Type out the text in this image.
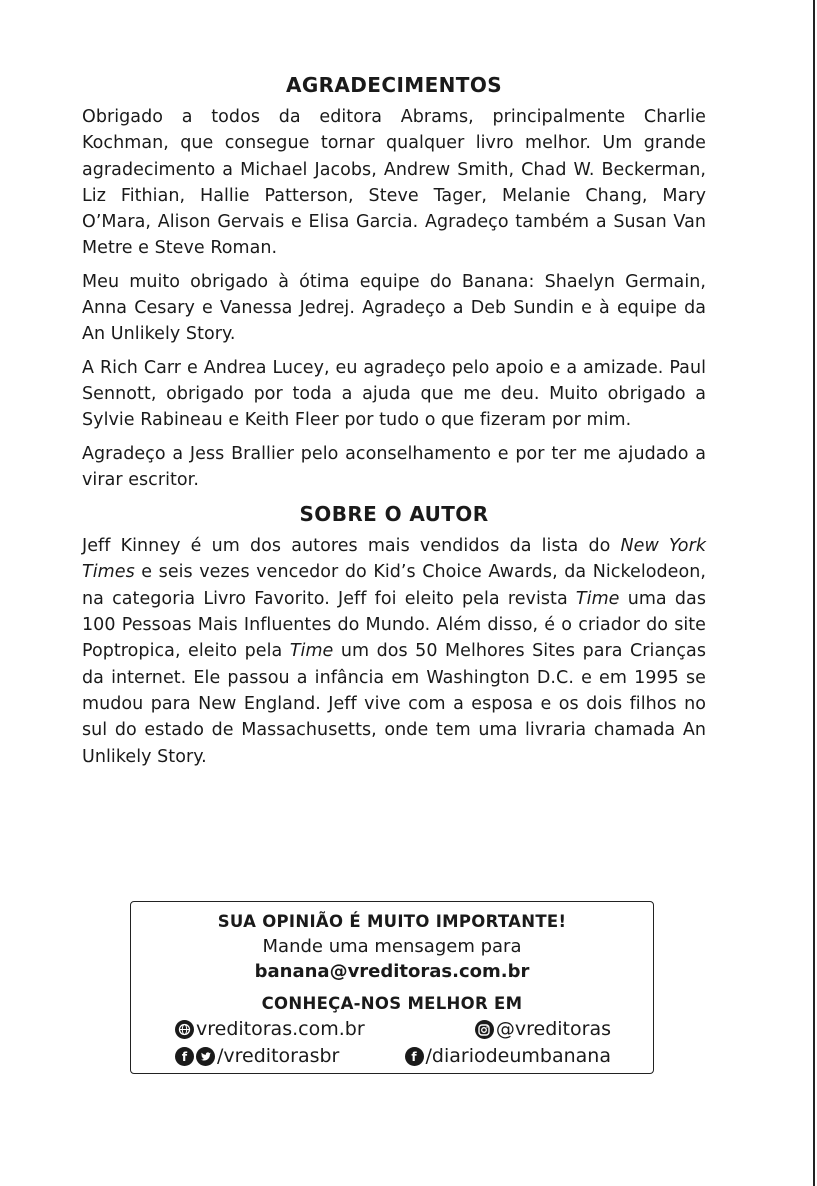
AGRADECIMENTOS

Obrigado a todos da editora Abrams, principalmente Charlie Kochman, que consegue tornar qualquer livro melhor. Um grande agradecimento a Michael Jacobs, Andrew Smith, Chad W. Beckerman, Liz Fithian, Hallie Patterson, Steve Tager, Melanie Chang, Mary O’Mara, Alison Gervais e Elisa Garcia. Agradeço também a Susan Van Metre e Steve Roman.

Meu muito obrigado à ótima equipe do Banana: Shaelyn Germain, Anna Cesary e Vanessa Jedrej. Agradeço a Deb Sundin e à equipe da An Unlikely Story.

A Rich Carr e Andrea Lucey, eu agradeço pelo apoio e a amizade. Paul Sennott, obrigado por toda a ajuda que me deu. Muito obrigado a Sylvie Rabineau e Keith Fleer por tudo o que fizeram por mim.

Agradeço a Jess Brallier pelo aconselhamento e por ter me ajudado a virar escritor.

SOBRE O AUTOR

Jeff Kinney é um dos autores mais vendidos da lista do New York Times e seis vezes vencedor do Kid’s Choice Awards, da Nickelodeon, na categoria Livro Favorito. Jeff foi eleito pela revista Time uma das 100 Pessoas Mais Influentes do Mundo. Além disso, é o criador do site Poptropica, eleito pela Time um dos 50 Melhores Sites para Crianças da internet. Ele passou a infância em Washington D.C. e em 1995 se mudou para New England. Jeff vive com a esposa e os dois filhos no sul do estado de Massachusetts, onde tem uma livraria chamada An Unlikely Story.

SUA OPINIÃO É MUITO IMPORTANTE!
Mande uma mensagem para
banana@vreditoras.com.br
CONHEÇA-NOS MELHOR EM
vreditoras.com.br	@vreditoras
f	/vreditorasbr	f /diariodeumbanana
